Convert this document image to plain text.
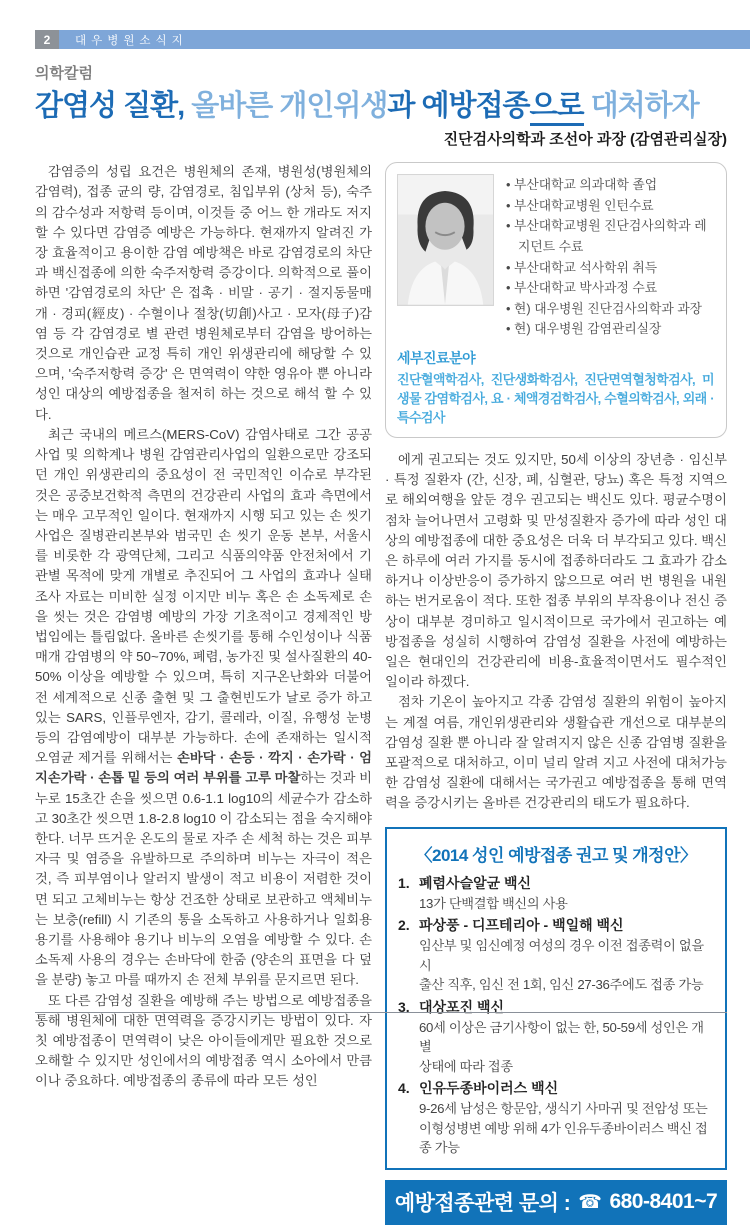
2	대우병원소식지
의학칼럼
감염성 질환, 올바른 개인위생과 예방접종으로 대처하자
진단검사의학과 조선아 과장 (감염관리실장)

감염증의 성립 요건은 병원체의 존재, 병원성(병원체의 감염력), 접종 균의 량, 감염경로, 침입부위 (상처 등), 숙주의 감수성과 저항력 등이며, 이것들 중 어느 한 개라도 저지할 수 있다면 감염증 예방은 가능하다. 현재까지 알려진 가장 효율적이고 용이한 감염 예방책은 바로 감염경로의 차단과 백신접종에 의한 숙주저항력 증강이다. 의학적으로 풀이 하면 '감염경로의 차단' 은 접촉 · 비말 · 공기 · 절지동물매개 · 경피(經皮) · 수혈이나 절창(切創)사고 · 모자(母子)감염 등 각 감염경로 별 관련 병원체로부터 감염을 방어하는 것으로 개인습관 교정 특히 개인 위생관리에 해당할 수 있으며, '숙주저항력 증강' 은 면역력이 약한 영유아 뿐 아니라 성인 대상의 예방접종을 철저히 하는 것으로 해석 할 수 있다.

최근 국내의 메르스(MERS-CoV) 감염사태로 그간 공공사업 및 의학계나 병원 감염관리사업의 일환으로만 강조되던 개인 위생관리의 중요성이 전 국민적인 이슈로 부각된 것은 공중보건학적 측면의 건강관리 사업의 효과 측면에서는 매우 고무적인 일이다. 현재까지 시행 되고 있는 손 씻기 사업은 질병관리본부와 범국민 손 씻기 운동 본부, 서울시를 비롯한 각 광역단체, 그리고 식품의약품 안전처에서 기관별 목적에 맞게 개별로 추진되어 그 사업의 효과나 실태조사 자료는 미비한 실정 이지만 비누 혹은 손 소독제로 손을 씻는 것은 감염병 예방의 가장 기초적이고 경제적인 방법임에는 틀림없다. 올바른 손씻기를 통해 수인성이나 식품매개 감염병의 약 50~70%, 폐렴, 농가진 및 설사질환의 40-50% 이상을 예방할 수 있으며, 특히 지구온난화와 더불어 전 세계적으로 신종 출현 및 그 출현빈도가 날로 증가 하고 있는 SARS, 인플루엔자, 감기, 콜레라, 이질, 유행성 눈병 등의 감염예방이 대부분 가능하다. 손에 존재하는 일시적 오염균 제거를 위해서는 손바닥 · 손등 · 깍지 · 손가락 · 엄지손가락 · 손톱 밑 등의 여러 부위를 고루 마찰하는 것과 비누로 15초간 손을 씻으면 0.6-1.1 log10의 세균수가 감소하고 30초간 씻으면 1.8-2.8 log10 이 감소되는 점을 숙지해야 한다. 너무 뜨거운 온도의 물로 자주 손 세척 하는 것은 피부자극 및 염증을 유발하므로 주의하며 비누는 자극이 적은 것, 즉 피부염이나 알러지 발생이 적고 비용이 저렴한 것이면 되고 고체비누는 항상 건조한 상태로 보관하고 액체비누는 보충(refill) 시 기존의 통을 소독하고 사용하거나 일회용 용기를 사용해야 용기나 비누의 오염을 예방할 수 있다. 손 소독제 사용의 경우는 손바닥에 한줌 (양손의 표면을 다 덮을 분량) 놓고 마를 때까지 손 전체 부위를 문지르면 된다.

또 다른 감염성 질환을 예방해 주는 방법으로 예방접종을 통해 병원체에 대한 면역력을 증강시키는 방법이 있다. 자칫 예방접종이 면역력이 낮은 아이들에게만 필요한 것으로 오해할 수 있지만 성인에서의 예방접종 역시 소아에서 만큼이나 중요하다. 예방접종의 종류에 따라 모든 성인

• 부산대학교 의과대학 졸업
• 부산대학교병원 인턴수료
• 부산대학교병원 진단검사의학과 레지던트 수료
• 부산대학교 석사학위 취득
• 부산대학교 박사과정 수료
• 현) 대우병원 진단검사의학과 과장
• 현) 대우병원 감염관리실장
세부진료분야
진단혈액학검사, 진단생화학검사, 진단면역혈청학검사, 미생물 감염학검사, 요 · 체액경검학검사, 수혈의학검사, 외래 · 특수검사

에게 권고되는 것도 있지만, 50세 이상의 장년층 · 임신부 · 특정 질환자 (간, 신장, 폐, 심혈관, 당뇨) 혹은 특정 지역으로 해외여행을 앞둔 경우 권고되는 백신도 있다. 평균수명이 점차 늘어나면서 고령화 및 만성질환자 증가에 따라 성인 대상의 예방접종에 대한 중요성은 더욱 더 부각되고 있다. 백신은 하루에 여러 가지를 동시에 접종하더라도 그 효과가 감소하거나 이상반응이 증가하지 않으므로 여러 번 병원을 내원하는 번거로움이 적다. 또한 접종 부위의 부작용이나 전신 증상이 대부분 경미하고 일시적이므로 국가에서 권고하는 예방접종을 성실히 시행하여 감염성 질환을 사전에 예방하는 일은 현대인의 건강관리에 비용-효율적이면서도 필수적인 일이라 하겠다.

점차 기온이 높아지고 각종 감염성 질환의 위험이 높아지는 계절 여름, 개인위생관리와 생활습관 개선으로 대부분의 감염성 질환 뿐 아니라 잘 알려지지 않은 신종 감염병 질환을 포괄적으로 대처하고, 이미 널리 알려 지고 사전에 대처가능 한 감염성 질환에 대해서는 국가권고 예방접종을 통해 면역력을 증강시키는 올바른 건강관리의 태도가 필요하다.

〈2014 성인 예방접종 권고 및 개정안〉
1. 폐렴사슬알균 백신
13가 단백결합 백신의 사용
2. 파상풍 - 디프테리아 - 백일해 백신
임산부 및 임신예정 여성의 경우 이전 접종력이 없을 시
출산 직후, 임신 전 1회, 임신 27-36주에도 접종 가능
3. 대상포진 백신
60세 이상은 금기사항이 없는 한, 50-59세 성인은 개별
상태에 따라 접종
4. 인유두종바이러스 백신
9-26세 남성은 항문암, 생식기 사마귀 및 전암성 또는
이형성병변 예방 위해 4가 인유두종바이러스 백신 접종 가능
예방접종관련 문의 : ☎ 680-8401~7
